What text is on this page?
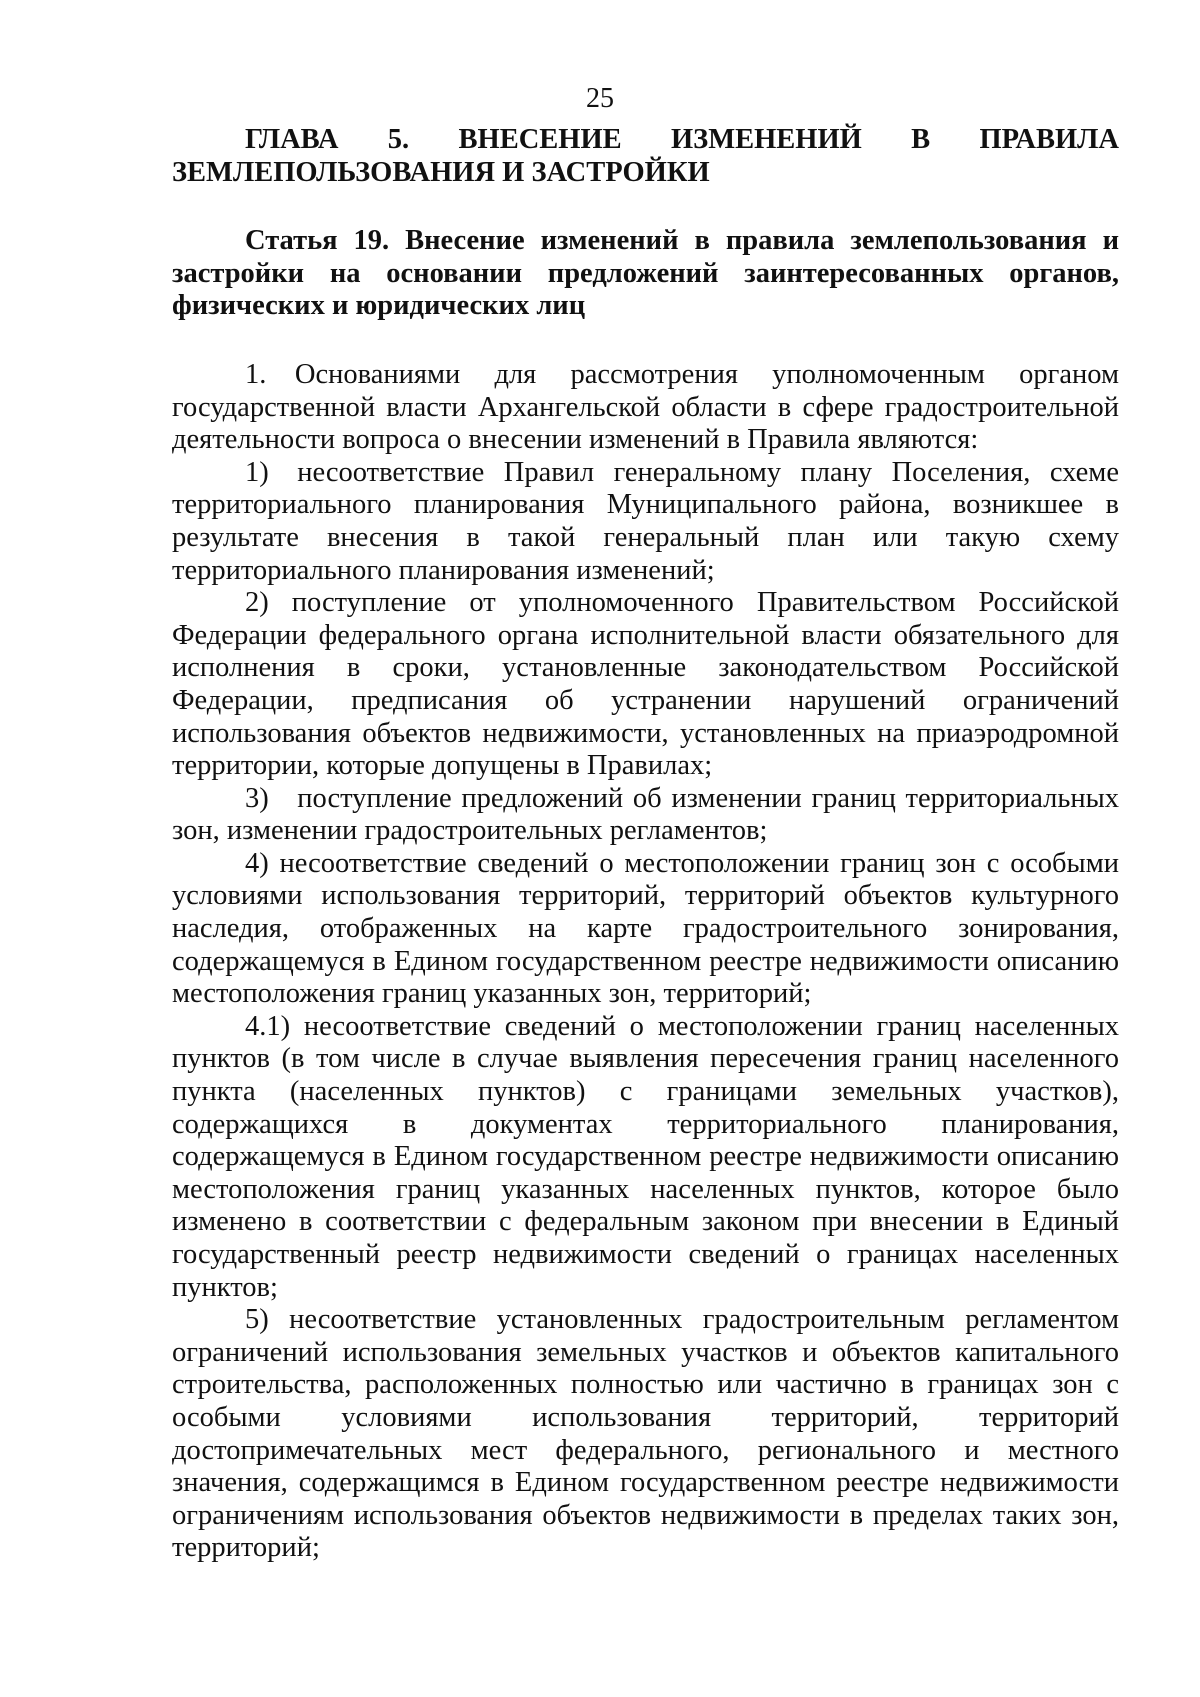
25

ГЛАВА 5. ВНЕСЕНИЕ ИЗМЕНЕНИЙ В ПРАВИЛА ЗЕМЛЕПОЛЬЗОВАНИЯ И ЗАСТРОЙКИ

Статья 19. Внесение изменений в правила землепользования и застройки на основании предложений заинтересованных органов, физических и юридических лиц

1. Основаниями для рассмотрения уполномоченным органом государственной власти Архангельской области в сфере градостроительной деятельности вопроса о внесении изменений в Правила являются:

1) несоответствие Правил генеральному плану Поселения, схеме территориального планирования Муниципального района, возникшее в результате внесения в такой генеральный план или такую схему территориального планирования изменений;

2) поступление от уполномоченного Правительством Российской Федерации федерального органа исполнительной власти обязательного для исполнения в сроки, установленные законодательством Российской Федерации, предписания об устранении нарушений ограничений использования объектов недвижимости, установленных на приаэродромной территории, которые допущены в Правилах;

3) поступление предложений об изменении границ территориальных зон, изменении градостроительных регламентов;

4) несоответствие сведений о местоположении границ зон с особыми условиями использования территорий, территорий объектов культурного наследия, отображенных на карте градостроительного зонирования, содержащемуся в Едином государственном реестре недвижимости описанию местоположения границ указанных зон, территорий;

4.1) несоответствие сведений о местоположении границ населенных пунктов (в том числе в случае выявления пересечения границ населенного пункта (населенных пунктов) с границами земельных участков), содержащихся в документах территориального планирования, содержащемуся в Едином государственном реестре недвижимости описанию местоположения границ указанных населенных пунктов, которое было изменено в соответствии с федеральным законом при внесении в Единый государственный реестр недвижимости сведений о границах населенных пунктов;

5) несоответствие установленных градостроительным регламентом ограничений использования земельных участков и объектов капитального строительства, расположенных полностью или частично в границах зон с особыми условиями использования территорий, территорий достопримечательных мест федерального, регионального и местного значения, содержащимся в Едином государственном реестре недвижимости ограничениям использования объектов недвижимости в пределах таких зон, территорий;
